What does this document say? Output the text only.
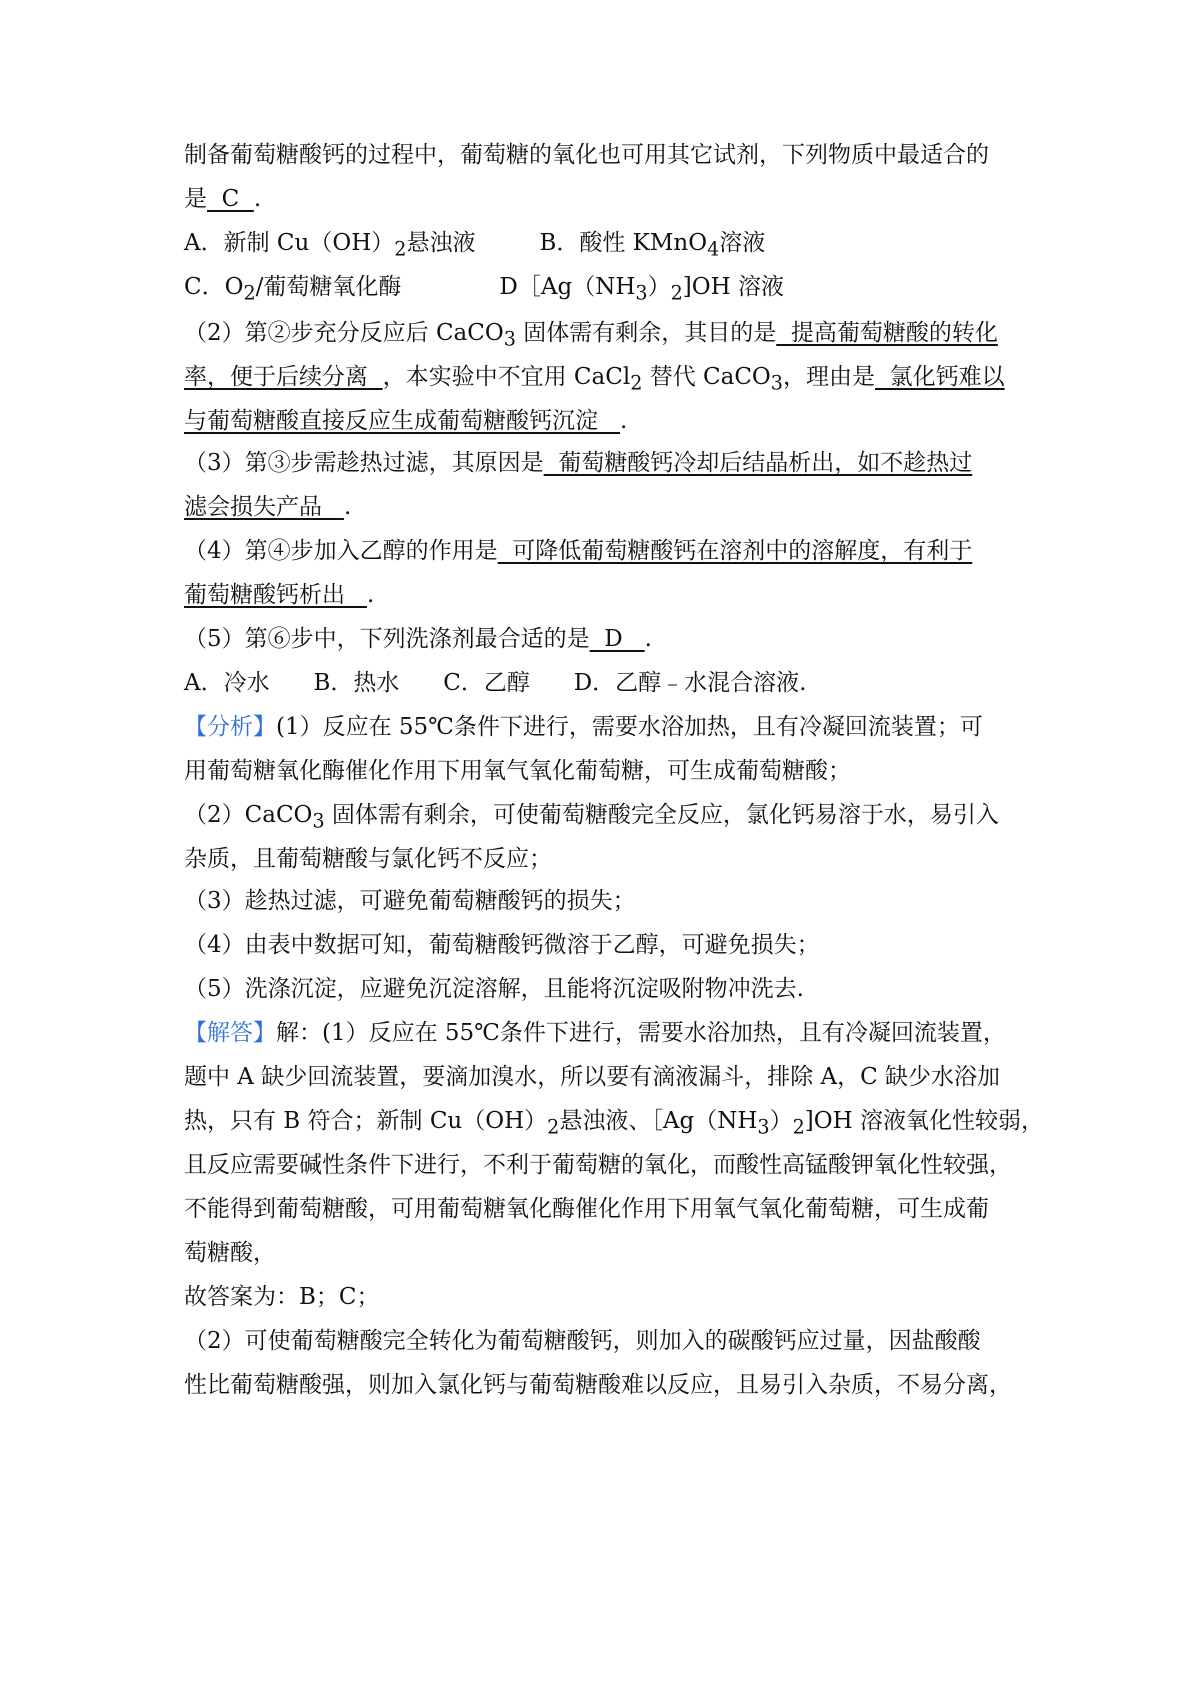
制备葡萄糖酸钙的过程中，葡萄糖的氧化也可用其它试剂，下列物质中最适合的
是  C  .
A．新制 $Cu(OH)_2$悬浊液	B．酸性 KMnO$_4$溶液
C．$O_2/$葡萄糖氧化酶	$D[Ag(NH_3)_2]OH$ 溶液
（2）第②步充分反应后 CaCO$_3$ 固体需有剩余，其目的是  提高葡萄糖酸的转化
率，便于后续分离  ，本实验中不宜用 CaCl$_2$ 替代 CaCO$_3$，理由是  氯化钙难以
与葡萄糖酸直接反应生成葡萄糖酸钙沉淀   .
（3）第③步需趁热过滤，其原因是  葡萄糖酸钙冷却后结晶析出，如不趁热过
滤会损失产品   .
（4）第④步加入乙醇的作用是  可降低葡萄糖酸钙在溶剂中的溶解度，有利于
葡萄糖酸钙析出   .
（5）第⑥步中，下列洗涤剂最合适的是  D   .
A．冷水      B．热水      C．乙醇      D．乙醇﹣水混合溶液.
【分析】(1）反应在 55℃条件下进行，需要水浴加热，且有冷凝回流装置；可
用葡萄糖氧化酶催化作用下用氧气氧化葡萄糖，可生成葡萄糖酸；
（2）CaCO$_3$ 固体需有剩余，可使葡萄糖酸完全反应，氯化钙易溶于水，易引入
杂质，且葡萄糖酸与氯化钙不反应；
（3）趁热过滤，可避免葡萄糖酸钙的损失；
（4）由表中数据可知，葡萄糖酸钙微溶于乙醇，可避免损失；
（5）洗涤沉淀，应避免沉淀溶解，且能将沉淀吸附物冲洗去.
【解答】解：(1）反应在 55℃条件下进行，需要水浴加热，且有冷凝回流装置，
题中 A 缺少回流装置，要滴加溴水，所以要有滴液漏斗，排除 A，C 缺少水浴加
热，只有 B 符合；新制 $Cu(OH)_2$悬浊液、$[Ag(NH_3)_2]OH$ 溶液氧化性较弱，
且反应需要碱性条件下进行，不利于葡萄糖的氧化，而酸性高锰酸钾氧化性较强，
不能得到葡萄糖酸，可用葡萄糖氧化酶催化作用下用氧气氧化葡萄糖，可生成葡
萄糖酸，
故答案为：B；C；
（2）可使葡萄糖酸完全转化为葡萄糖酸钙，则加入的碳酸钙应过量，因盐酸酸
性比葡萄糖酸强，则加入氯化钙与葡萄糖酸难以反应，且易引入杂质，不易分离，
